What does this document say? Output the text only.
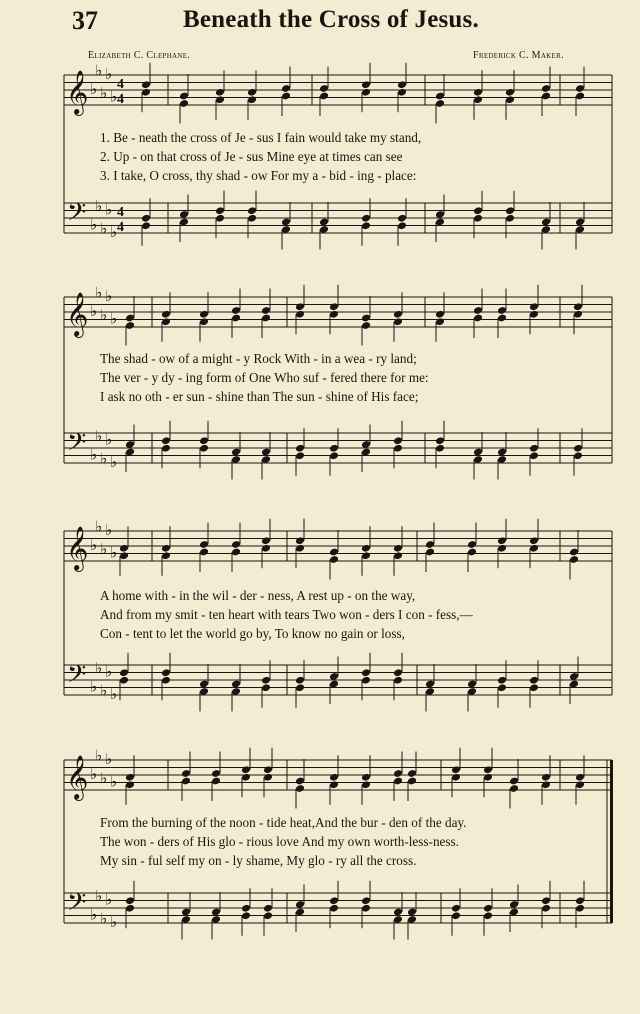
37	Beneath the Cross of Jesus.
Elizabeth C. Clephane.	Frederick C. Maker.
𝄞
𝄢
♭
♭
♭
♭
♭
♭
♭
♭
♭
♭
4
4
4
4
𝄞
𝄢
♭
♭
♭
♭
♭
♭
♭
♭
♭
♭
𝄞
𝄢
♭
♭
♭
♭
♭
♭
♭
♭
♭
♭
𝄞
𝄢
♭
♭
♭
♭
♭
♭
♭
♭
♭
♭
1. Be - neath the cross of Je - sus I fain would take my stand,
2. Up - on that cross of Je - sus Mine eye at times can see
3. I take, O cross, thy shad - ow For my a - bid - ing - place:
The shad - ow of a might - y Rock With - in a wea - ry land;
The ver - y dy - ing form of One Who suf - fered there for me:
I ask no oth - er sun - shine than The sun - shine of His face;
A home with - in the wil - der - ness, A rest up - on the way,
And from my smit - ten heart with tears Two won - ders I con - fess,—
Con - tent to let the world go by, To know no gain or loss,
From the burning of the noon - tide heat,And the bur - den of the day.
The won - ders of His glo - rious love And my own worth-less-ness.
My sin - ful self my on - ly shame, My glo - ry all the cross.
